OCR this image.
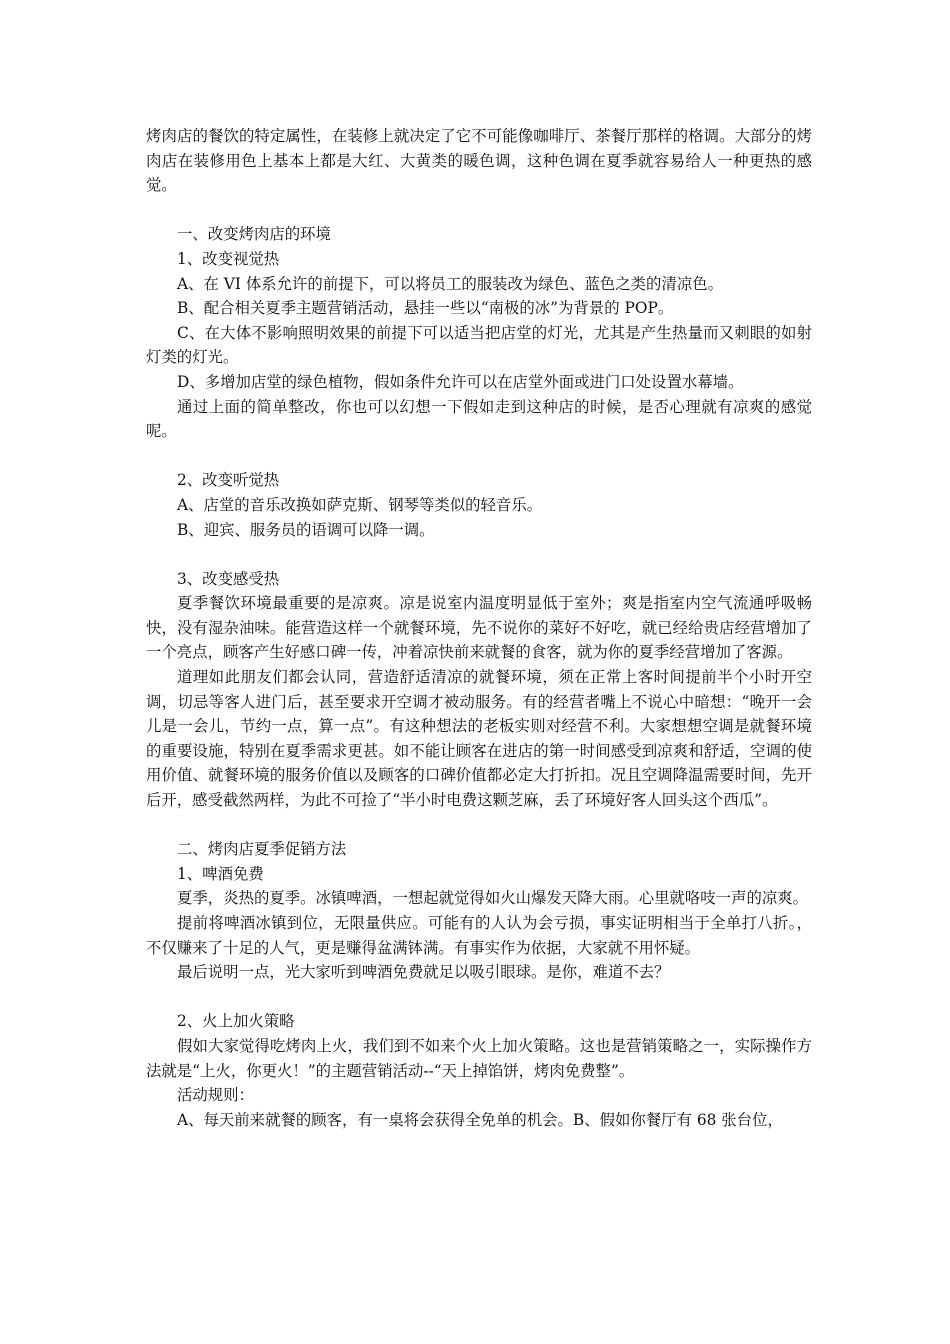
烤肉店的餐饮的特定属性，在装修上就决定了它不可能像咖啡厅、茶餐厅那样的格调。大部分的烤肉店在装修用色上基本上都是大红、大黄类的暖色调，这种色调在夏季就容易给人一种更热的感觉。

一、改变烤肉店的环境

1、改变视觉热

A、在 VI 体系允许的前提下，可以将员工的服装改为绿色、蓝色之类的清凉色。

B、配合相关夏季主题营销活动，悬挂一些以“南极的冰”为背景的 POP。

C、在大体不影响照明效果的前提下可以适当把店堂的灯光，尤其是产生热量而又刺眼的如射灯类的灯光。

D、多增加店堂的绿色植物，假如条件允许可以在店堂外面或进门口处设置水幕墙。

通过上面的简单整改，你也可以幻想一下假如走到这种店的时候，是否心理就有凉爽的感觉呢。

2、改变听觉热

A、店堂的音乐改换如萨克斯、钢琴等类似的轻音乐。

B、迎宾、服务员的语调可以降一调。

3、改变感受热

夏季餐饮环境最重要的是凉爽。凉是说室内温度明显低于室外；爽是指室内空气流通呼吸畅快，没有湿杂油味。能营造这样一个就餐环境，先不说你的菜好不好吃，就已经给贵店经营增加了一个亮点，顾客产生好感口碑一传，冲着凉快前来就餐的食客，就为你的夏季经营增加了客源。

道理如此朋友们都会认同，营造舒适清凉的就餐环境，须在正常上客时间提前半个小时开空调，切忌等客人进门后，甚至要求开空调才被动服务。有的经营者嘴上不说心中暗想：“晚开一会儿是一会儿，节约一点，算一点”。有这种想法的老板实则对经营不利。大家想想空调是就餐环境的重要设施，特别在夏季需求更甚。如不能让顾客在进店的第一时间感受到凉爽和舒适，空调的使用价值、就餐环境的服务价值以及顾客的口碑价值都必定大打折扣。况且空调降温需要时间，先开后开，感受截然两样，为此不可捡了“半小时电费这颗芝麻，丢了环境好客人回头这个西瓜”。

二、烤肉店夏季促销方法

1、啤酒免费

夏季，炎热的夏季。冰镇啤酒，一想起就觉得如火山爆发天降大雨。心里就咯吱一声的凉爽。

提前将啤酒冰镇到位，无限量供应。可能有的人认为会亏损，事实证明相当于全单打八折。，不仅赚来了十足的人气，更是赚得盆满钵满。有事实作为依据，大家就不用怀疑。

最后说明一点，光大家听到啤酒免费就足以吸引眼球。是你，难道不去？

2、火上加火策略

假如大家觉得吃烤肉上火，我们到不如来个火上加火策略。这也是营销策略之一，实际操作方法就是“上火，你更火！”的主题营销活动--“天上掉馅饼，烤肉免费整”。

活动规则：

A、每天前来就餐的顾客，有一桌将会获得全免单的机会。B、假如你餐厅有 68 张台位，
